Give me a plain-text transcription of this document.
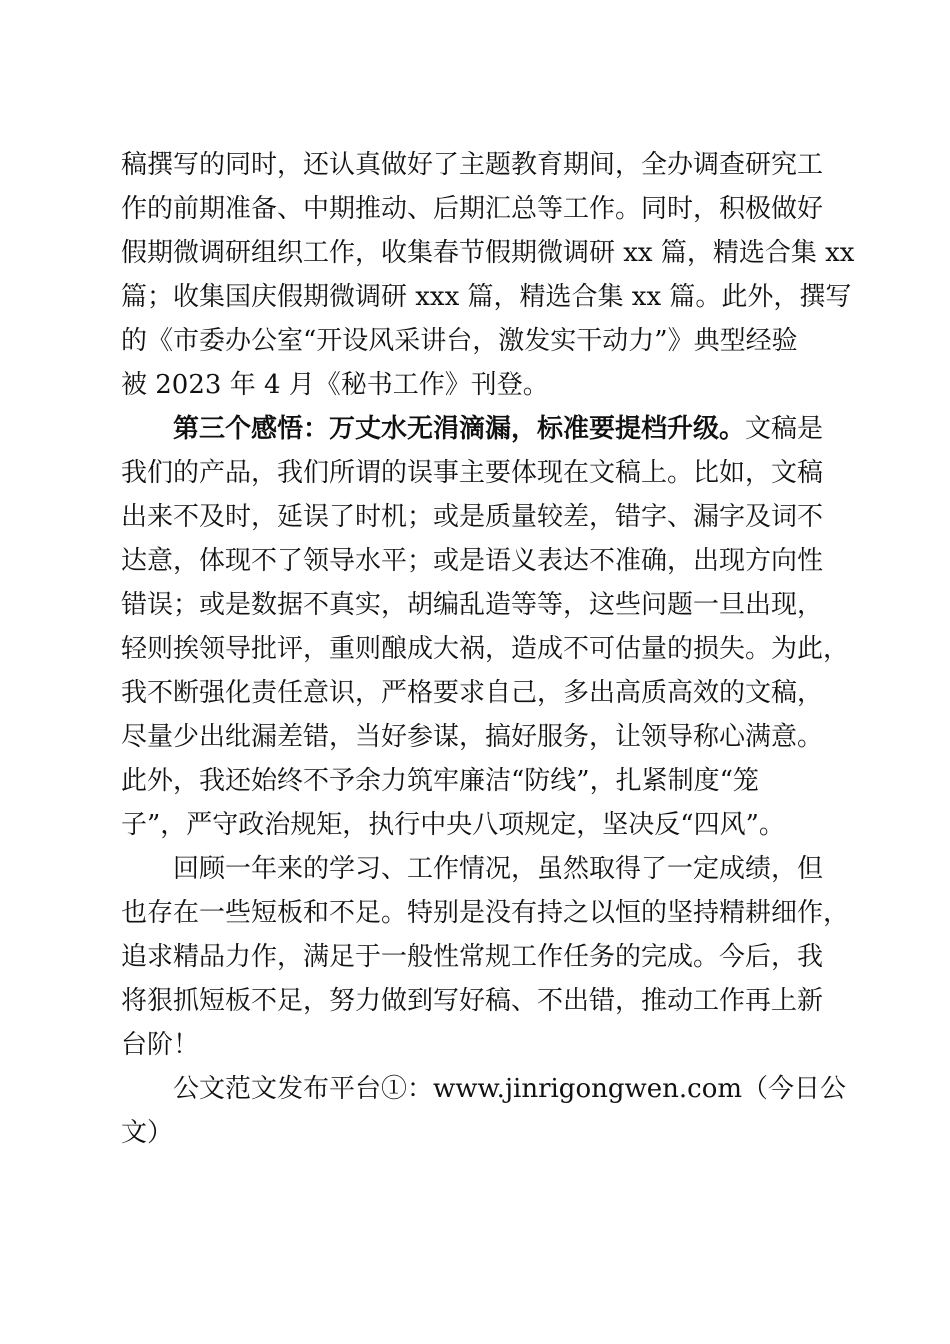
稿撰写的同时，还认真做好了主题教育期间，全办调查研究工
作的前期准备、中期推动、后期汇总等工作。同时，积极做好
假期微调研组织工作，收集春节假期微调研 xx 篇，精选合集 xx
篇；收集国庆假期微调研 xxx 篇，精选合集 xx 篇。此外，撰写
的《市委办公室“开设风采讲台，激发实干动力”》典型经验
被 2023 年 4 月《秘书工作》刊登。
第三个感悟：万丈水无涓滴漏，标准要提档升级。文稿是
我们的产品，我们所谓的误事主要体现在文稿上。比如，文稿
出来不及时，延误了时机；或是质量较差，错字、漏字及词不
达意，体现不了领导水平；或是语义表达不准确，出现方向性
错误；或是数据不真实，胡编乱造等等，这些问题一旦出现，
轻则挨领导批评，重则酿成大祸，造成不可估量的损失。为此，
我不断强化责任意识，严格要求自己，多出高质高效的文稿，
尽量少出纰漏差错，当好参谋，搞好服务，让领导称心满意。
此外，我还始终不予余力筑牢廉洁“防线”，扎紧制度“笼
子”，严守政治规矩，执行中央八项规定，坚决反“四风”。
回顾一年来的学习、工作情况，虽然取得了一定成绩，但
也存在一些短板和不足。特别是没有持之以恒的坚持精耕细作，
追求精品力作，满足于一般性常规工作任务的完成。今后，我
将狠抓短板不足，努力做到写好稿、不出错，推动工作再上新
台阶！
公文范文发布平台①：www.jinrigongwen.com（今日公
文）
